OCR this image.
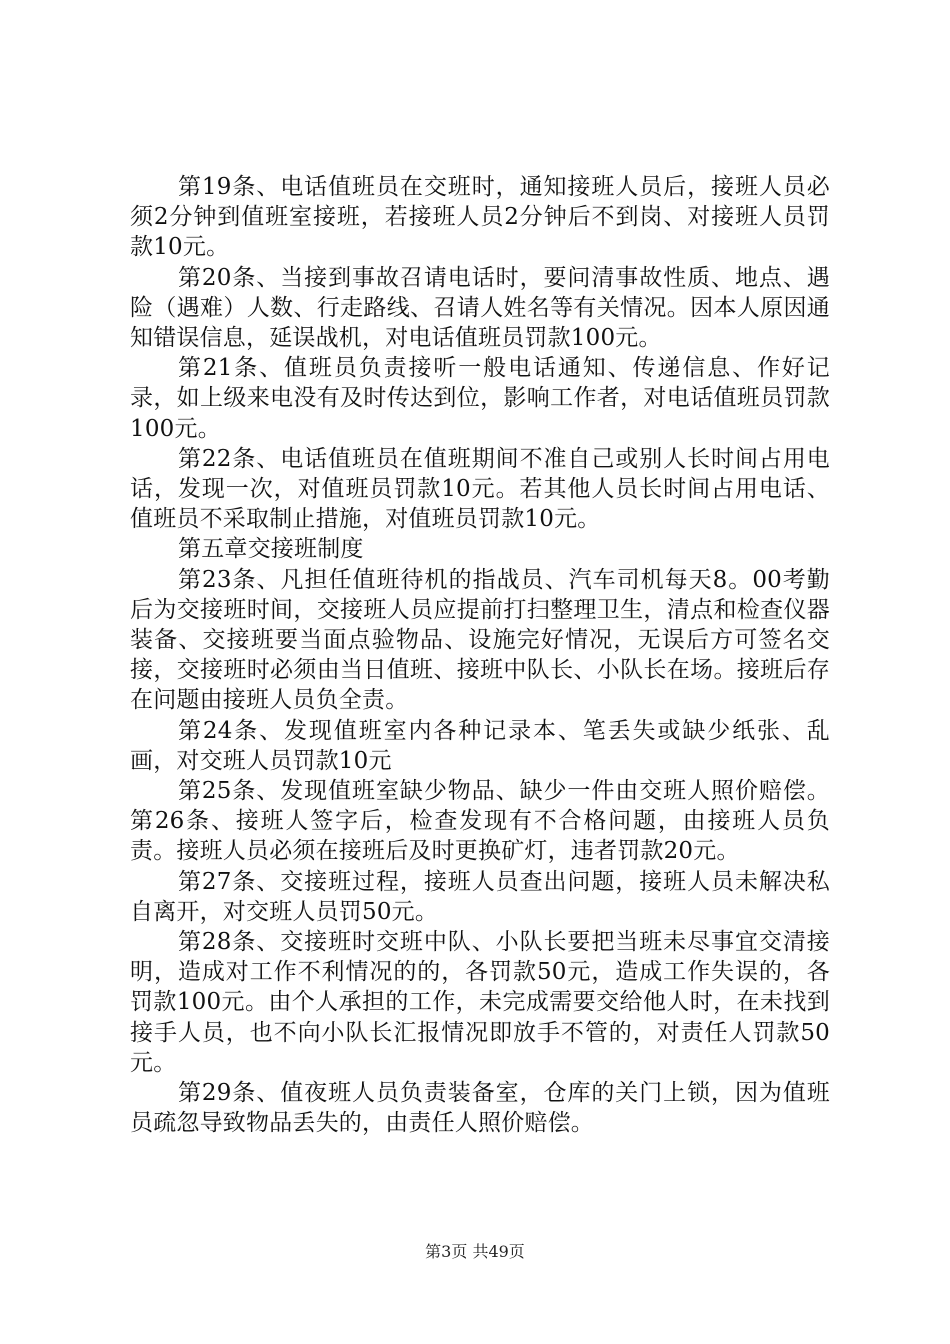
第19条、电话值班员在交班时，通知接班人员后，接班人员必须2分钟到值班室接班，若接班人员2分钟后不到岗、对接班人员罚款10元。

第20条、当接到事故召请电话时，要问清事故性质、地点、遇险（遇难）人数、行走路线、召请人姓名等有关情况。因本人原因通知错误信息，延误战机，对电话值班员罚款100元。

第21条、值班员负责接听一般电话通知、传递信息、作好记录，如上级来电没有及时传达到位，影响工作者，对电话值班员罚款100元。

第22条、电话值班员在值班期间不准自己或别人长时间占用电话，发现一次，对值班员罚款10元。若其他人员长时间占用电话、值班员不采取制止措施，对值班员罚款10元。

第五章交接班制度

第23条、凡担任值班待机的指战员、汽车司机每天8。00考勤后为交接班时间，交接班人员应提前打扫整理卫生，清点和检查仪器装备、交接班要当面点验物品、设施完好情况，无误后方可签名交接，交接班时必须由当日值班、接班中队长、小队长在场。接班后存在问题由接班人员负全责。

第24条、发现值班室内各种记录本、笔丢失或缺少纸张、乱画，对交班人员罚款10元

第25条、发现值班室缺少物品、缺少一件由交班人照价赔偿。第26条、接班人签字后，检查发现有不合格问题，由接班人员负责。接班人员必须在接班后及时更换矿灯，违者罚款20元。

第27条、交接班过程，接班人员查出问题，接班人员未解决私自离开，对交班人员罚50元。

第28条、交接班时交班中队、小队长要把当班未尽事宜交清接明，造成对工作不利情况的的，各罚款50元，造成工作失误的，各罚款100元。由个人承担的工作，未完成需要交给他人时，在未找到接手人员，也不向小队长汇报情况即放手不管的，对责任人罚款50元。

第29条、值夜班人员负责装备室，仓库的关门上锁，因为值班员疏忽导致物品丢失的，由责任人照价赔偿。

第3页 共49页
